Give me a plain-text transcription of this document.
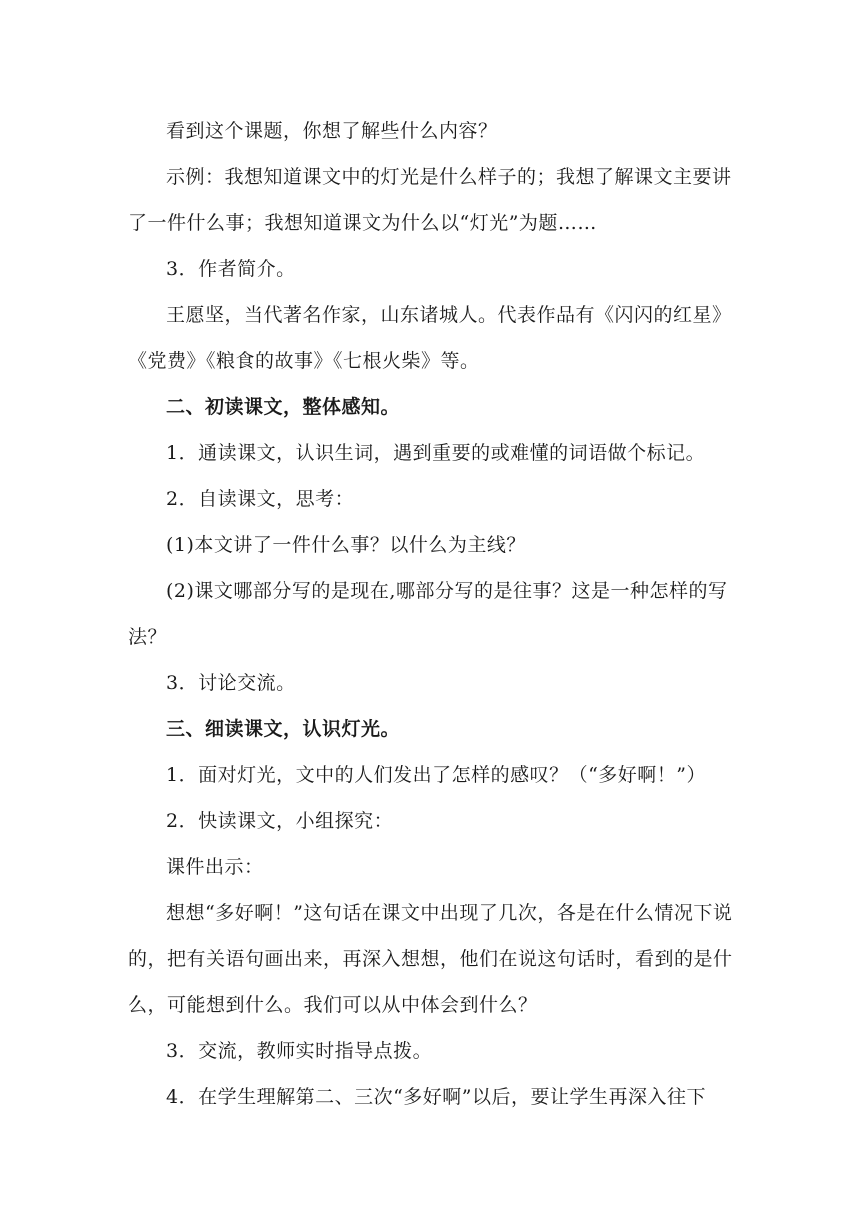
看到这个课题，你想了解些什么内容？

示例：我想知道课文中的灯光是什么样子的；我想了解课文主要讲了一件什么事；我想知道课文为什么以“灯光”为题……

3．作者简介。

王愿坚，当代著名作家，山东诸城人。代表作品有《闪闪的红星》《党费》《粮食的故事》《七根火柴》等。

二、初读课文，整体感知。

1．通读课文，认识生词，遇到重要的或难懂的词语做个标记。

2．自读课文，思考：

(1)本文讲了一件什么事？以什么为主线？

(2)课文哪部分写的是现在,哪部分写的是往事？这是一种怎样的写法？

3．讨论交流。

三、细读课文，认识灯光。

1．面对灯光，文中的人们发出了怎样的感叹？（“多好啊！”）

2．快读课文，小组探究：

课件出示：

想想“多好啊！”这句话在课文中出现了几次，各是在什么情况下说的，把有关语句画出来，再深入想想，他们在说这句话时，看到的是什么，可能想到什么。我们可以从中体会到什么？

3．交流，教师实时指导点拨。

4．在学生理解第二、三次“多好啊”以后，要让学生再深入往下
